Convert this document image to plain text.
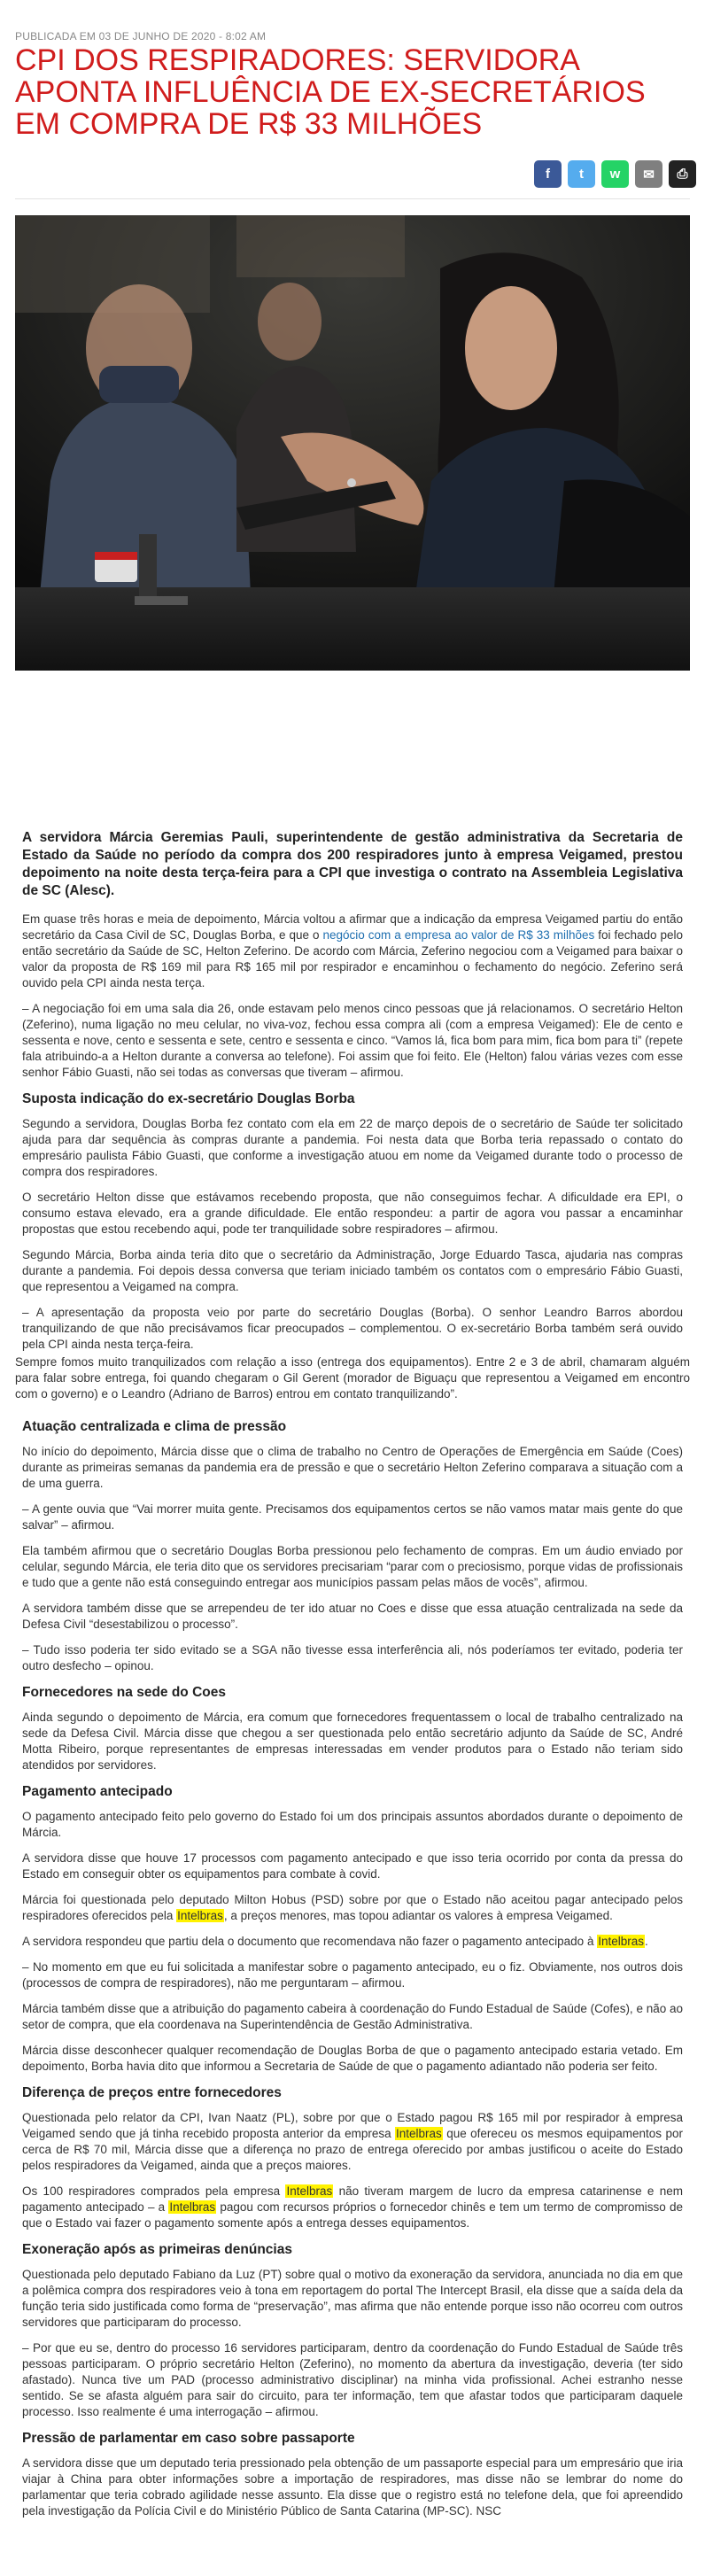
PUBLICADA EM 03 DE JUNHO DE 2020 - 8:02 AM
CPI DOS RESPIRADORES: SERVIDORA APONTA INFLUÊNCIA DE EX-SECRETÁRIOS EM COMPRA DE R$ 33 MILHÕES
f t w ✉ ⎙

A servidora Márcia Geremias Pauli, superintendente de gestão administrativa da Secretaria de Estado da Saúde no período da compra dos 200 respiradores junto à empresa Veigamed, prestou depoimento na noite desta terça-feira para a CPI que investiga o contrato na Assembleia Legislativa de SC (Alesc).

Em quase três horas e meia de depoimento, Márcia voltou a afirmar que a indicação da empresa Veigamed partiu do então secretário da Casa Civil de SC, Douglas Borba, e que o negócio com a empresa ao valor de R$ 33 milhões foi fechado pelo então secretário da Saúde de SC, Helton Zeferino. De acordo com Márcia, Zeferino negociou com a Veigamed para baixar o valor da proposta de R$ 169 mil para R$ 165 mil por respirador e encaminhou o fechamento do negócio. Zeferino será ouvido pela CPI ainda nesta terça.

– A negociação foi em uma sala dia 26, onde estavam pelo menos cinco pessoas que já relacionamos. O secretário Helton (Zeferino), numa ligação no meu celular, no viva-voz, fechou essa compra ali (com a empresa Veigamed): Ele de cento e sessenta e nove, cento e sessenta e sete, centro e sessenta e cinco. “Vamos lá, fica bom para mim, fica bom para ti” (repete fala atribuindo-a a Helton durante a conversa ao telefone). Foi assim que foi feito. Ele (Helton) falou várias vezes com esse senhor Fábio Guasti, não sei todas as conversas que tiveram – afirmou.

Suposta indicação do ex-secretário Douglas Borba

Segundo a servidora, Douglas Borba fez contato com ela em 22 de março depois de o secretário de Saúde ter solicitado ajuda para dar sequência às compras durante a pandemia. Foi nesta data que Borba teria repassado o contato do empresário paulista Fábio Guasti, que conforme a investigação atuou em nome da Veigamed durante todo o processo de compra dos respiradores.

O secretário Helton disse que estávamos recebendo proposta, que não conseguimos fechar. A dificuldade era EPI, o consumo estava elevado, era a grande dificuldade. Ele então respondeu: a partir de agora vou passar a encaminhar propostas que estou recebendo aqui, pode ter tranquilidade sobre respiradores – afirmou.

Segundo Márcia, Borba ainda teria dito que o secretário da Administração, Jorge Eduardo Tasca, ajudaria nas compras durante a pandemia. Foi depois dessa conversa que teriam iniciado também os contatos com o empresário Fábio Guasti, que representou a Veigamed na compra.

– A apresentação da proposta veio por parte do secretário Douglas (Borba). O senhor Leandro Barros abordou tranquilizando de que não precisávamos ficar preocupados – complementou. O ex-secretário Borba também será ouvido pela CPI ainda nesta terça-feira.

Sempre fomos muito tranquilizados com relação a isso (entrega dos equipamentos). Entre 2 e 3 de abril, chamaram alguém para falar sobre entrega, foi quando chegaram o Gil Gerent (morador de Biguaçu que representou a Veigamed em encontro com o governo) e o Leandro (Adriano de Barros) entrou em contato tranquilizando”.

Atuação centralizada e clima de pressão

No início do depoimento, Márcia disse que o clima de trabalho no Centro de Operações de Emergência em Saúde (Coes) durante as primeiras semanas da pandemia era de pressão e que o secretário Helton Zeferino comparava a situação com a de uma guerra.

– A gente ouvia que “Vai morrer muita gente. Precisamos dos equipamentos certos se não vamos matar mais gente do que salvar” – afirmou.

Ela também afirmou que o secretário Douglas Borba pressionou pelo fechamento de compras. Em um áudio enviado por celular, segundo Márcia, ele teria dito que os servidores precisariam “parar com o preciosismo, porque vidas de profissionais e tudo que a gente não está conseguindo entregar aos municípios passam pelas mãos de vocês”, afirmou.

A servidora também disse que se arrependeu de ter ido atuar no Coes e disse que essa atuação centralizada na sede da Defesa Civil “desestabilizou o processo”.

– Tudo isso poderia ter sido evitado se a SGA não tivesse essa interferência ali, nós poderíamos ter evitado, poderia ter outro desfecho – opinou.

Fornecedores na sede do Coes

Ainda segundo o depoimento de Márcia, era comum que fornecedores frequentassem o local de trabalho centralizado na sede da Defesa Civil. Márcia disse que chegou a ser questionada pelo então secretário adjunto da Saúde de SC, André Motta Ribeiro, porque representantes de empresas interessadas em vender produtos para o Estado não teriam sido atendidos por servidores.

Pagamento antecipado

O pagamento antecipado feito pelo governo do Estado foi um dos principais assuntos abordados durante o depoimento de Márcia.

A servidora disse que houve 17 processos com pagamento antecipado e que isso teria ocorrido por conta da pressa do Estado em conseguir obter os equipamentos para combate à covid.

Márcia foi questionada pelo deputado Milton Hobus (PSD) sobre por que o Estado não aceitou pagar antecipado pelos respiradores oferecidos pela Intelbras, a preços menores, mas topou adiantar os valores à empresa Veigamed.

A servidora respondeu que partiu dela o documento que recomendava não fazer o pagamento antecipado à Intelbras.

– No momento em que eu fui solicitada a manifestar sobre o pagamento antecipado, eu o fiz. Obviamente, nos outros dois (processos de compra de respiradores), não me perguntaram – afirmou.

Márcia também disse que a atribuição do pagamento cabeira à coordenação do Fundo Estadual de Saúde (Cofes), e não ao setor de compra, que ela coordenava na Superintendência de Gestão Administrativa.

Márcia disse desconhecer qualquer recomendação de Douglas Borba de que o pagamento antecipado estaria vetado. Em depoimento, Borba havia dito que informou a Secretaria de Saúde de que o pagamento adiantado não poderia ser feito.

Diferença de preços entre fornecedores

Questionada pelo relator da CPI, Ivan Naatz (PL), sobre por que o Estado pagou R$ 165 mil por respirador à empresa Veigamed sendo que já tinha recebido proposta anterior da empresa Intelbras que ofereceu os mesmos equipamentos por cerca de R$ 70 mil, Márcia disse que a diferença no prazo de entrega oferecido por ambas justificou o aceite do Estado pelos respiradores da Veigamed, ainda que a preços maiores.

Os 100 respiradores comprados pela empresa Intelbras não tiveram margem de lucro da empresa catarinense e nem pagamento antecipado – a Intelbras pagou com recursos próprios o fornecedor chinês e tem um termo de compromisso de que o Estado vai fazer o pagamento somente após a entrega desses equipamentos.

Exoneração após as primeiras denúncias

Questionada pelo deputado Fabiano da Luz (PT) sobre qual o motivo da exoneração da servidora, anunciada no dia em que a polêmica compra dos respiradores veio à tona em reportagem do portal The Intercept Brasil, ela disse que a saída dela da função teria sido justificada como forma de “preservação”, mas afirma que não entende porque isso não ocorreu com outros servidores que participaram do processo.

– Por que eu se, dentro do processo 16 servidores participaram, dentro da coordenação do Fundo Estadual de Saúde três pessoas participaram. O próprio secretário Helton (Zeferino), no momento da abertura da investigação, deveria (ter sido afastado). Nunca tive um PAD (processo administrativo disciplinar) na minha vida profissional. Achei estranho nesse sentido. Se se afasta alguém para sair do circuito, para ter informação, tem que afastar todos que participaram daquele processo. Isso realmente é uma interrogação – afirmou.

Pressão de parlamentar em caso sobre passaporte

A servidora disse que um deputado teria pressionado pela obtenção de um passaporte especial para um empresário que iria viajar à China para obter informações sobre a importação de respiradores, mas disse não se lembrar do nome do parlamentar que teria cobrado agilidade nesse assunto. Ela disse que o registro está no telefone dela, que foi apreendido pela investigação da Polícia Civil e do Ministério Público de Santa Catarina (MP-SC). NSC
